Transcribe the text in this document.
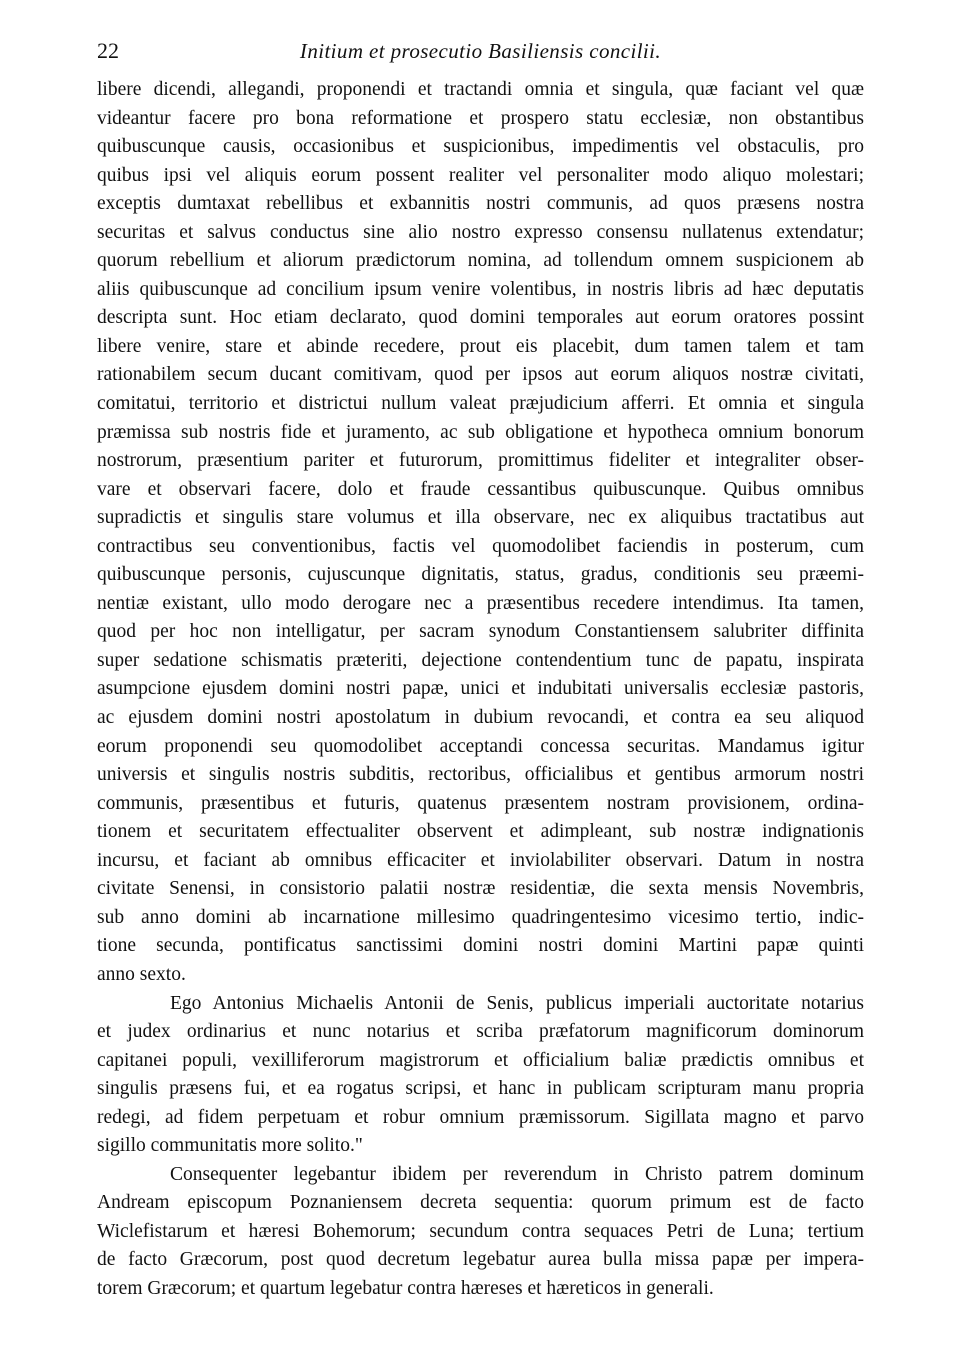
22	Initium et prosecutio Basiliensis concilii.
libere dicendi, allegandi, proponendi et tractandi omnia et singula, quæ faciant vel quæ
videantur facere pro bona reformatione et prospero statu ecclesiæ, non obstantibus
quibuscunque causis, occasionibus et suspicionibus, impedimentis vel obstaculis, pro
quibus ipsi vel aliquis eorum possent realiter vel personaliter modo aliquo molestari;
exceptis dumtaxat rebellibus et exbannitis nostri communis, ad quos præsens nostra
securitas et salvus conductus sine alio nostro expresso consensu nullatenus extendatur;
quorum rebellium et aliorum prædictorum nomina, ad tollendum omnem suspicionem ab
aliis quibuscunque ad concilium ipsum venire volentibus, in nostris libris ad hæc deputatis
descripta sunt. Hoc etiam declarato, quod domini temporales aut eorum oratores possint
libere venire, stare et abinde recedere, prout eis placebit, dum tamen talem et tam
rationabilem secum ducant comitivam, quod per ipsos aut eorum aliquos nostræ civitati,
comitatui, territorio et districtui nullum valeat præjudicium afferri. Et omnia et singula
præmissa sub nostris fide et juramento, ac sub obligatione et hypotheca omnium bonorum
nostrorum, præsentium pariter et futurorum, promittimus fideliter et integraliter obser-
vare et observari facere, dolo et fraude cessantibus quibuscunque. Quibus omnibus
supradictis et singulis stare volumus et illa observare, nec ex aliquibus tractatibus aut
contractibus seu conventionibus, factis vel quomodolibet faciendis in posterum, cum
quibuscunque personis, cujuscunque dignitatis, status, gradus, conditionis seu præemi-
nentiæ existant, ullo modo derogare nec a præsentibus recedere intendimus. Ita tamen,
quod per hoc non intelligatur, per sacram synodum Constantiensem salubriter diffinita
super sedatione schismatis præteriti, dejectione contendentium tunc de papatu, inspirata
asumpcione ejusdem domini nostri papæ, unici et indubitati universalis ecclesiæ pastoris,
ac ejusdem domini nostri apostolatum in dubium revocandi, et contra ea seu aliquod
eorum proponendi seu quomodolibet acceptandi concessa securitas. Mandamus igitur
universis et singulis nostris subditis, rectoribus, officialibus et gentibus armorum nostri
communis, præsentibus et futuris, quatenus præsentem nostram provisionem, ordina-
tionem et securitatem effectualiter observent et adimpleant, sub nostræ indignationis
incursu, et faciant ab omnibus efficaciter et inviolabiliter observari. Datum in nostra
civitate Senensi, in consistorio palatii nostræ residentiæ, die sexta mensis Novembris,
sub anno domini ab incarnatione millesimo quadringentesimo vicesimo tertio, indic-
tione secunda, pontificatus sanctissimi domini nostri domini Martini papæ quinti
anno sexto.
Ego Antonius Michaelis Antonii de Senis, publicus imperiali auctoritate notarius
et judex ordinarius et nunc notarius et scriba præfatorum magnificorum dominorum
capitanei populi, vexilliferorum magistrorum et officialium baliæ prædictis omnibus et
singulis præsens fui, et ea rogatus scripsi, et hanc in publicam scripturam manu propria
redegi, ad fidem perpetuam et robur omnium præmissorum. Sigillata magno et parvo
sigillo communitatis more solito."
Consequenter legebantur ibidem per reverendum in Christo patrem dominum
Andream episcopum Poznaniensem decreta sequentia: quorum primum est de facto
Wiclefistarum et hæresi Bohemorum; secundum contra sequaces Petri de Luna; tertium
de facto Græcorum, post quod decretum legebatur aurea bulla missa papæ per impera-
torem Græcorum; et quartum legebatur contra hæreses et hæreticos in generali.
